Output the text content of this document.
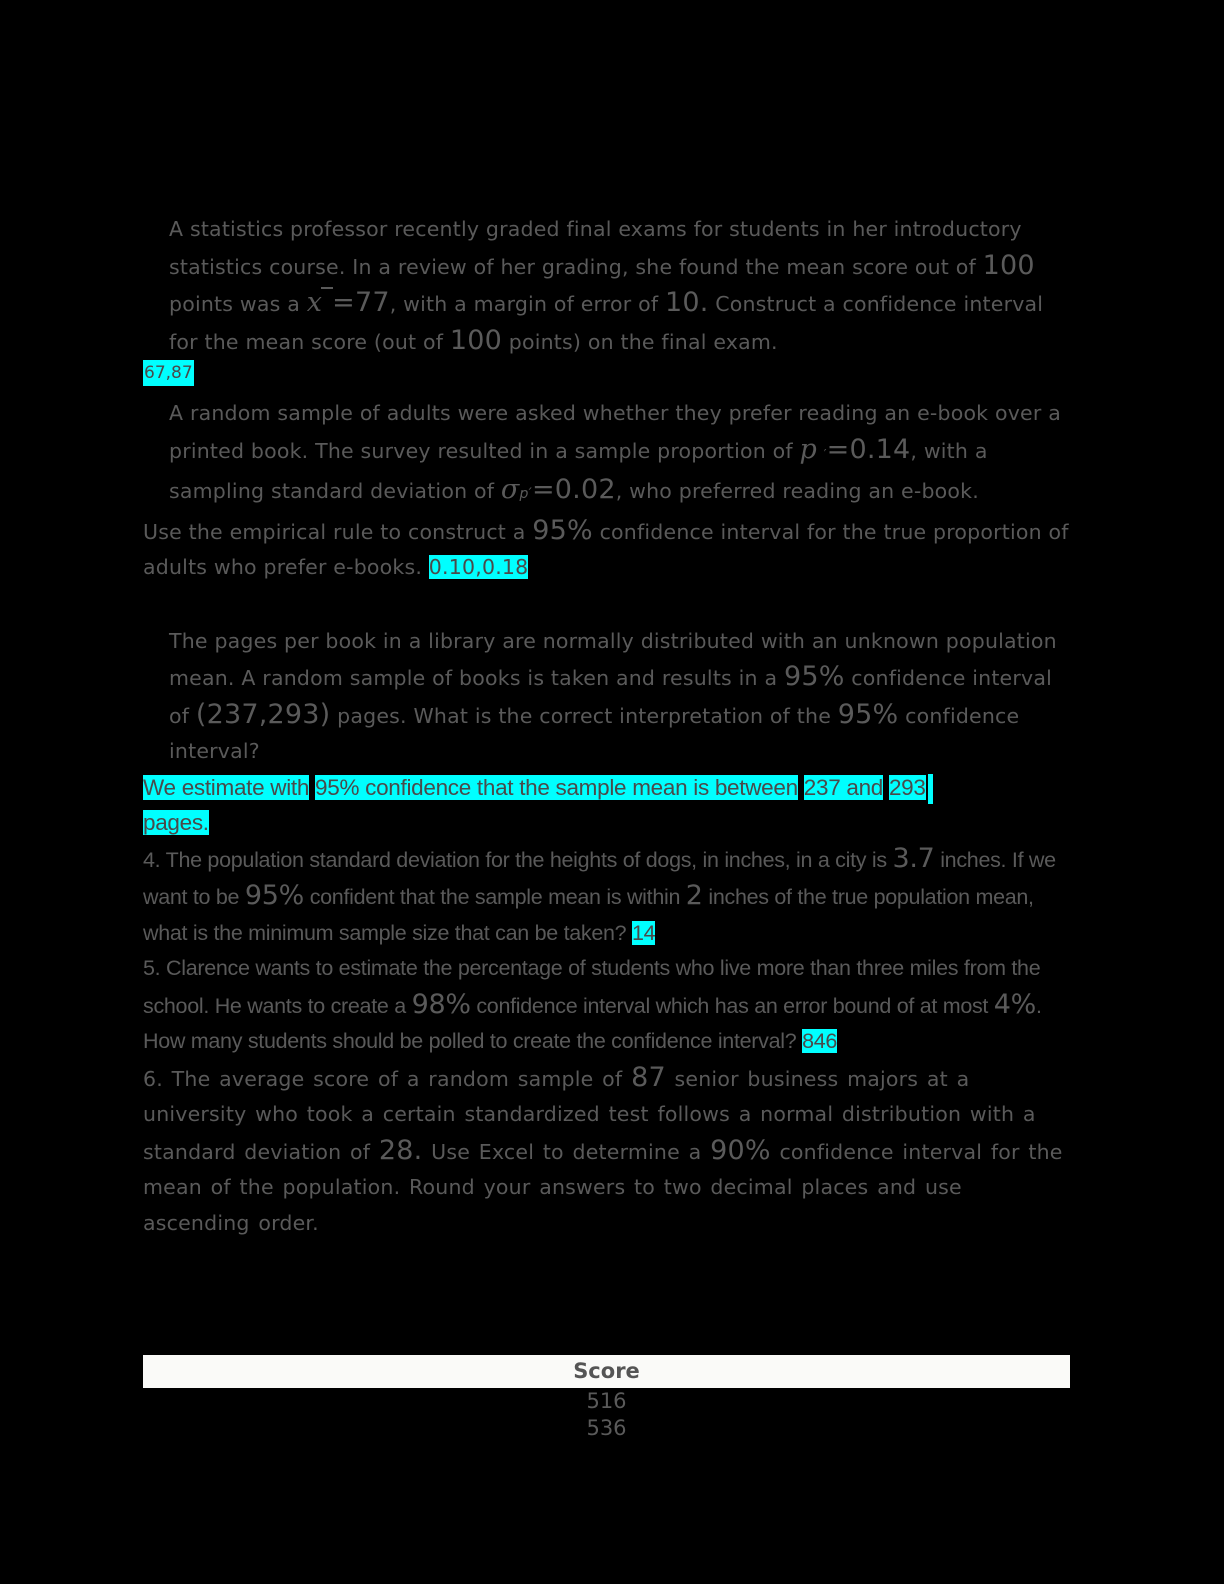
A statistics professor recently graded final exams for students in her introductory statistics course. In a review of her grading, she found the mean score out of 100 points was a x =77, with a margin of error of 10. Construct a confidence interval for the mean score (out of 100 points) on the final exam.

67,87

A random sample of adults were asked whether they prefer reading an e-book over a printed book. The survey resulted in a sample proportion of p ′=0.14, with a sampling standard deviation of σp′=0.02, who preferred reading an e-book.

Use the empirical rule to construct a 95% confidence interval for the true proportion of adults who prefer e-books. 0.10,0.18

The pages per book in a library are normally distributed with an unknown population mean. A random sample of books is taken and results in a 95% confidence interval of (237,293) pages. What is the correct interpretation of the 95% confidence interval?

We estimate with 95% confidence that the sample mean is between 237 and 293
pages.

4. The population standard deviation for the heights of dogs, in inches, in a city is 3.7 inches. If we want to be 95% confident that the sample mean is within 2 inches of the true population mean, what is the minimum sample size that can be taken? 14

5. Clarence wants to estimate the percentage of students who live more than three miles from the school. He wants to create a 98% confidence interval which has an error bound of at most 4%. How many students should be polled to create the confidence interval? 846

6. The average score of a random sample of 87 senior business majors at a university who took a certain standardized test follows a normal distribution with a standard deviation of 28. Use Excel to determine a 90% confidence interval for the mean of the population. Round your answers to two decimal places and use ascending order.

Score
516
536
